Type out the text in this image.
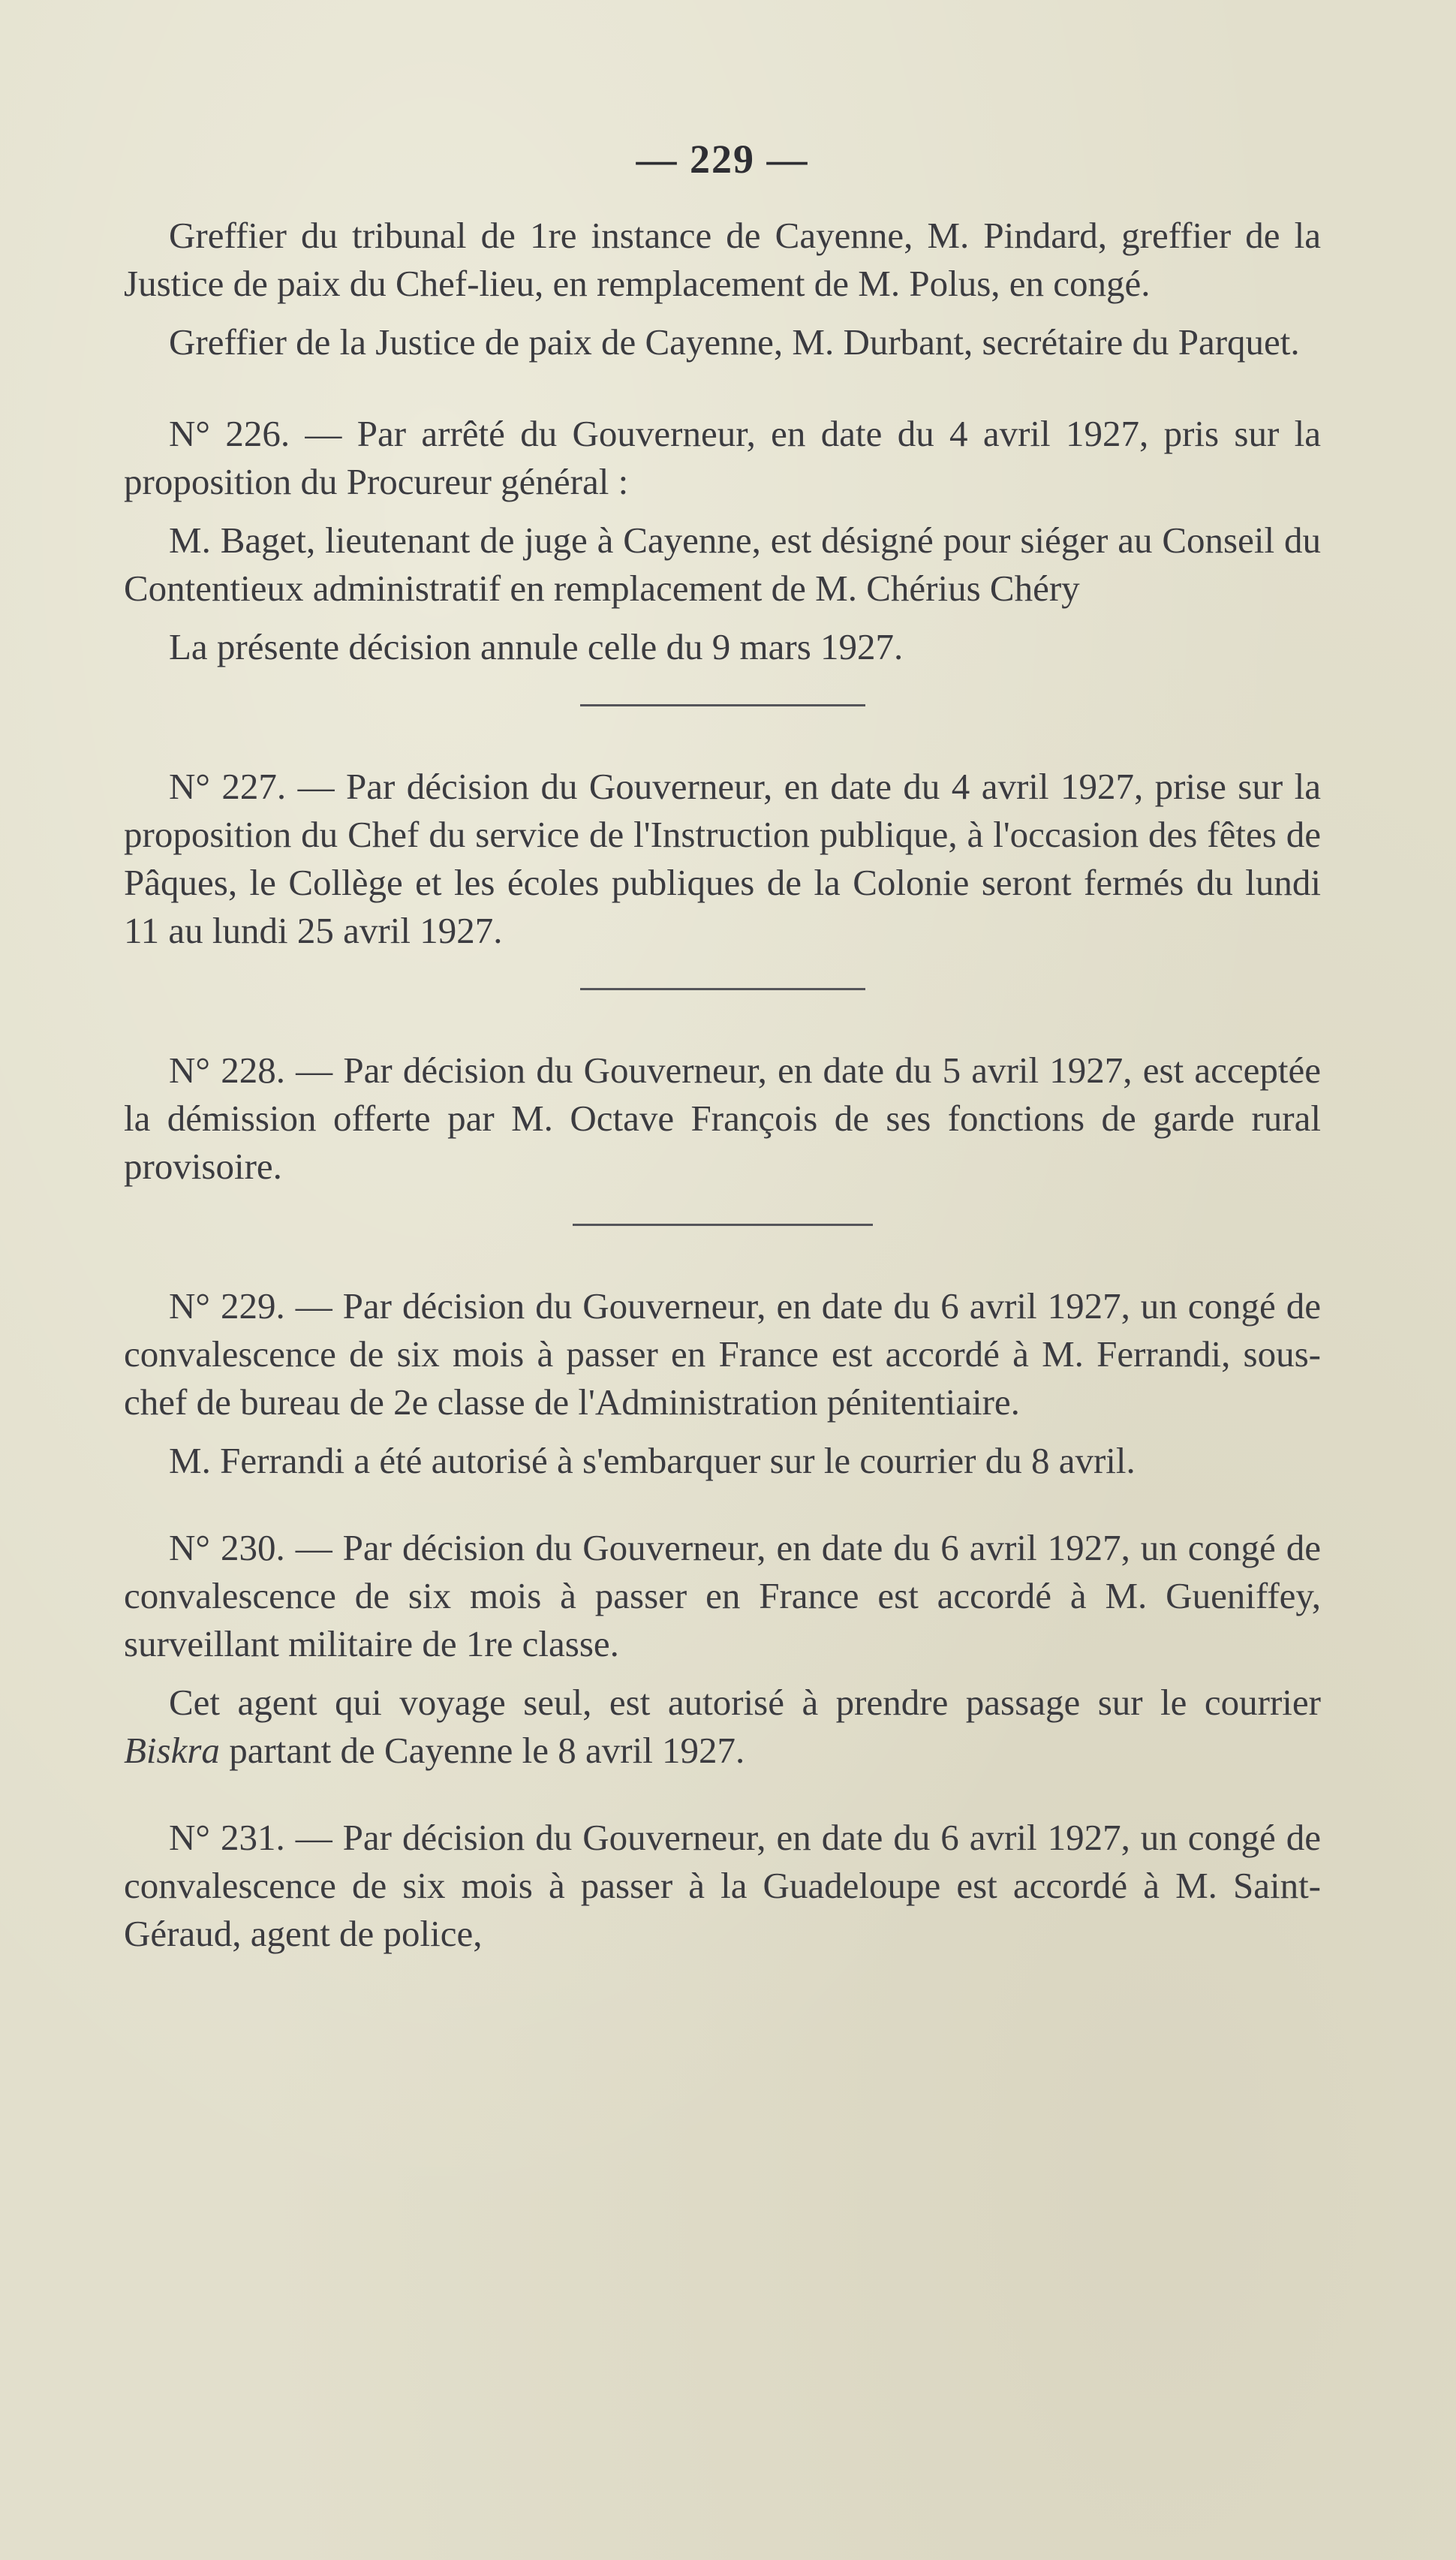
— 229 —

Greffier du tribunal de 1re instance de Cayenne, M. Pindard, greffier de la Justice de paix du Chef-lieu, en remplacement de M. Polus, en congé.

Greffier de la Justice de paix de Cayenne, M. Durbant, secrétaire du Parquet.

N° 226. — Par arrêté du Gouverneur, en date du 4 avril 1927, pris sur la proposition du Procureur général :

M. Baget, lieutenant de juge à Cayenne, est désigné pour siéger au Conseil du Contentieux administratif en remplacement de M. Chérius Chéry

La présente décision annule celle du 9 mars 1927.

N° 227. — Par décision du Gouverneur, en date du 4 avril 1927, prise sur la proposition du Chef du service de l'Instruction publique, à l'occasion des fêtes de Pâques, le Collège et les écoles publiques de la Colonie seront fermés du lundi 11 au lundi 25 avril 1927.

N° 228. — Par décision du Gouverneur, en date du 5 avril 1927, est acceptée la démission offerte par M. Octave François de ses fonctions de garde rural provisoire.

N° 229. — Par décision du Gouverneur, en date du 6 avril 1927, un congé de convalescence de six mois à passer en France est accordé à M. Ferrandi, sous-chef de bureau de 2e classe de l'Administration pénitentiaire.

M. Ferrandi a été autorisé à s'embarquer sur le courrier du 8 avril.

N° 230. — Par décision du Gouverneur, en date du 6 avril 1927, un congé de convalescence de six mois à passer en France est accordé à M. Gueniffey, surveillant militaire de 1re classe.

Cet agent qui voyage seul, est autorisé à prendre passage sur le courrier Biskra partant de Cayenne le 8 avril 1927.

N° 231. — Par décision du Gouverneur, en date du 6 avril 1927, un congé de convalescence de six mois à passer à la Guadeloupe est accordé à M. Saint-Géraud, agent de police,
